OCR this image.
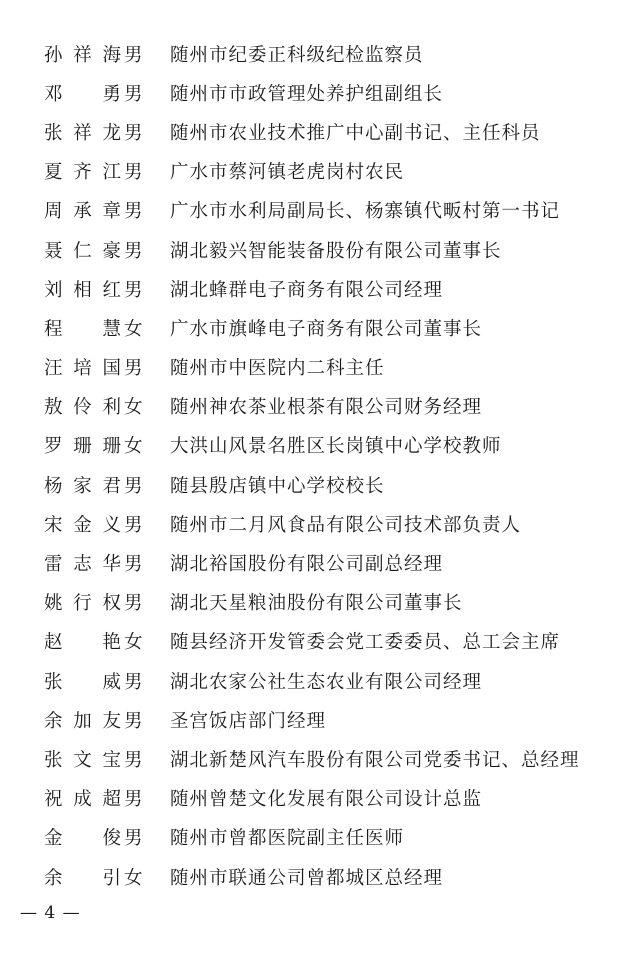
孙 祥 海 男	随州市纪委正科级纪检监察员
邓 勇 男	随州市市政管理处养护组副组长
张 祥 龙 男	随州市农业技术推广中心副书记、主任科员
夏 齐 江 男	广水市蔡河镇老虎岗村农民
周 承 章 男	广水市水利局副局长、杨寨镇代畈村第一书记
聂 仁 豪 男	湖北毅兴智能装备股份有限公司董事长
刘 相 红 男	湖北蜂群电子商务有限公司经理
程 慧 女	广水市旗峰电子商务有限公司董事长
汪 培 国 男	随州市中医院内二科主任
敖 伶 利 女	随州神农茶业根茶有限公司财务经理
罗 珊 珊 女	大洪山风景名胜区长岗镇中心学校教师
杨 家 君 男	随县殷店镇中心学校校长
宋 金 义 男	随州市二月风食品有限公司技术部负责人
雷 志 华 男	湖北裕国股份有限公司副总经理
姚 行 权 男	湖北天星粮油股份有限公司董事长
赵 艳 女	随县经济开发管委会党工委委员、总工会主席
张 威 男	湖北农家公社生态农业有限公司经理
余 加 友 男	圣宫饭店部门经理
张 文 宝 男	湖北新楚风汽车股份有限公司党委书记、总经理
祝 成 超 男	随州曾楚文化发展有限公司设计总监
金 俊 男	随州市曾都医院副主任医师
余 引 女	随州市联通公司曾都城区总经理
— 4 —
